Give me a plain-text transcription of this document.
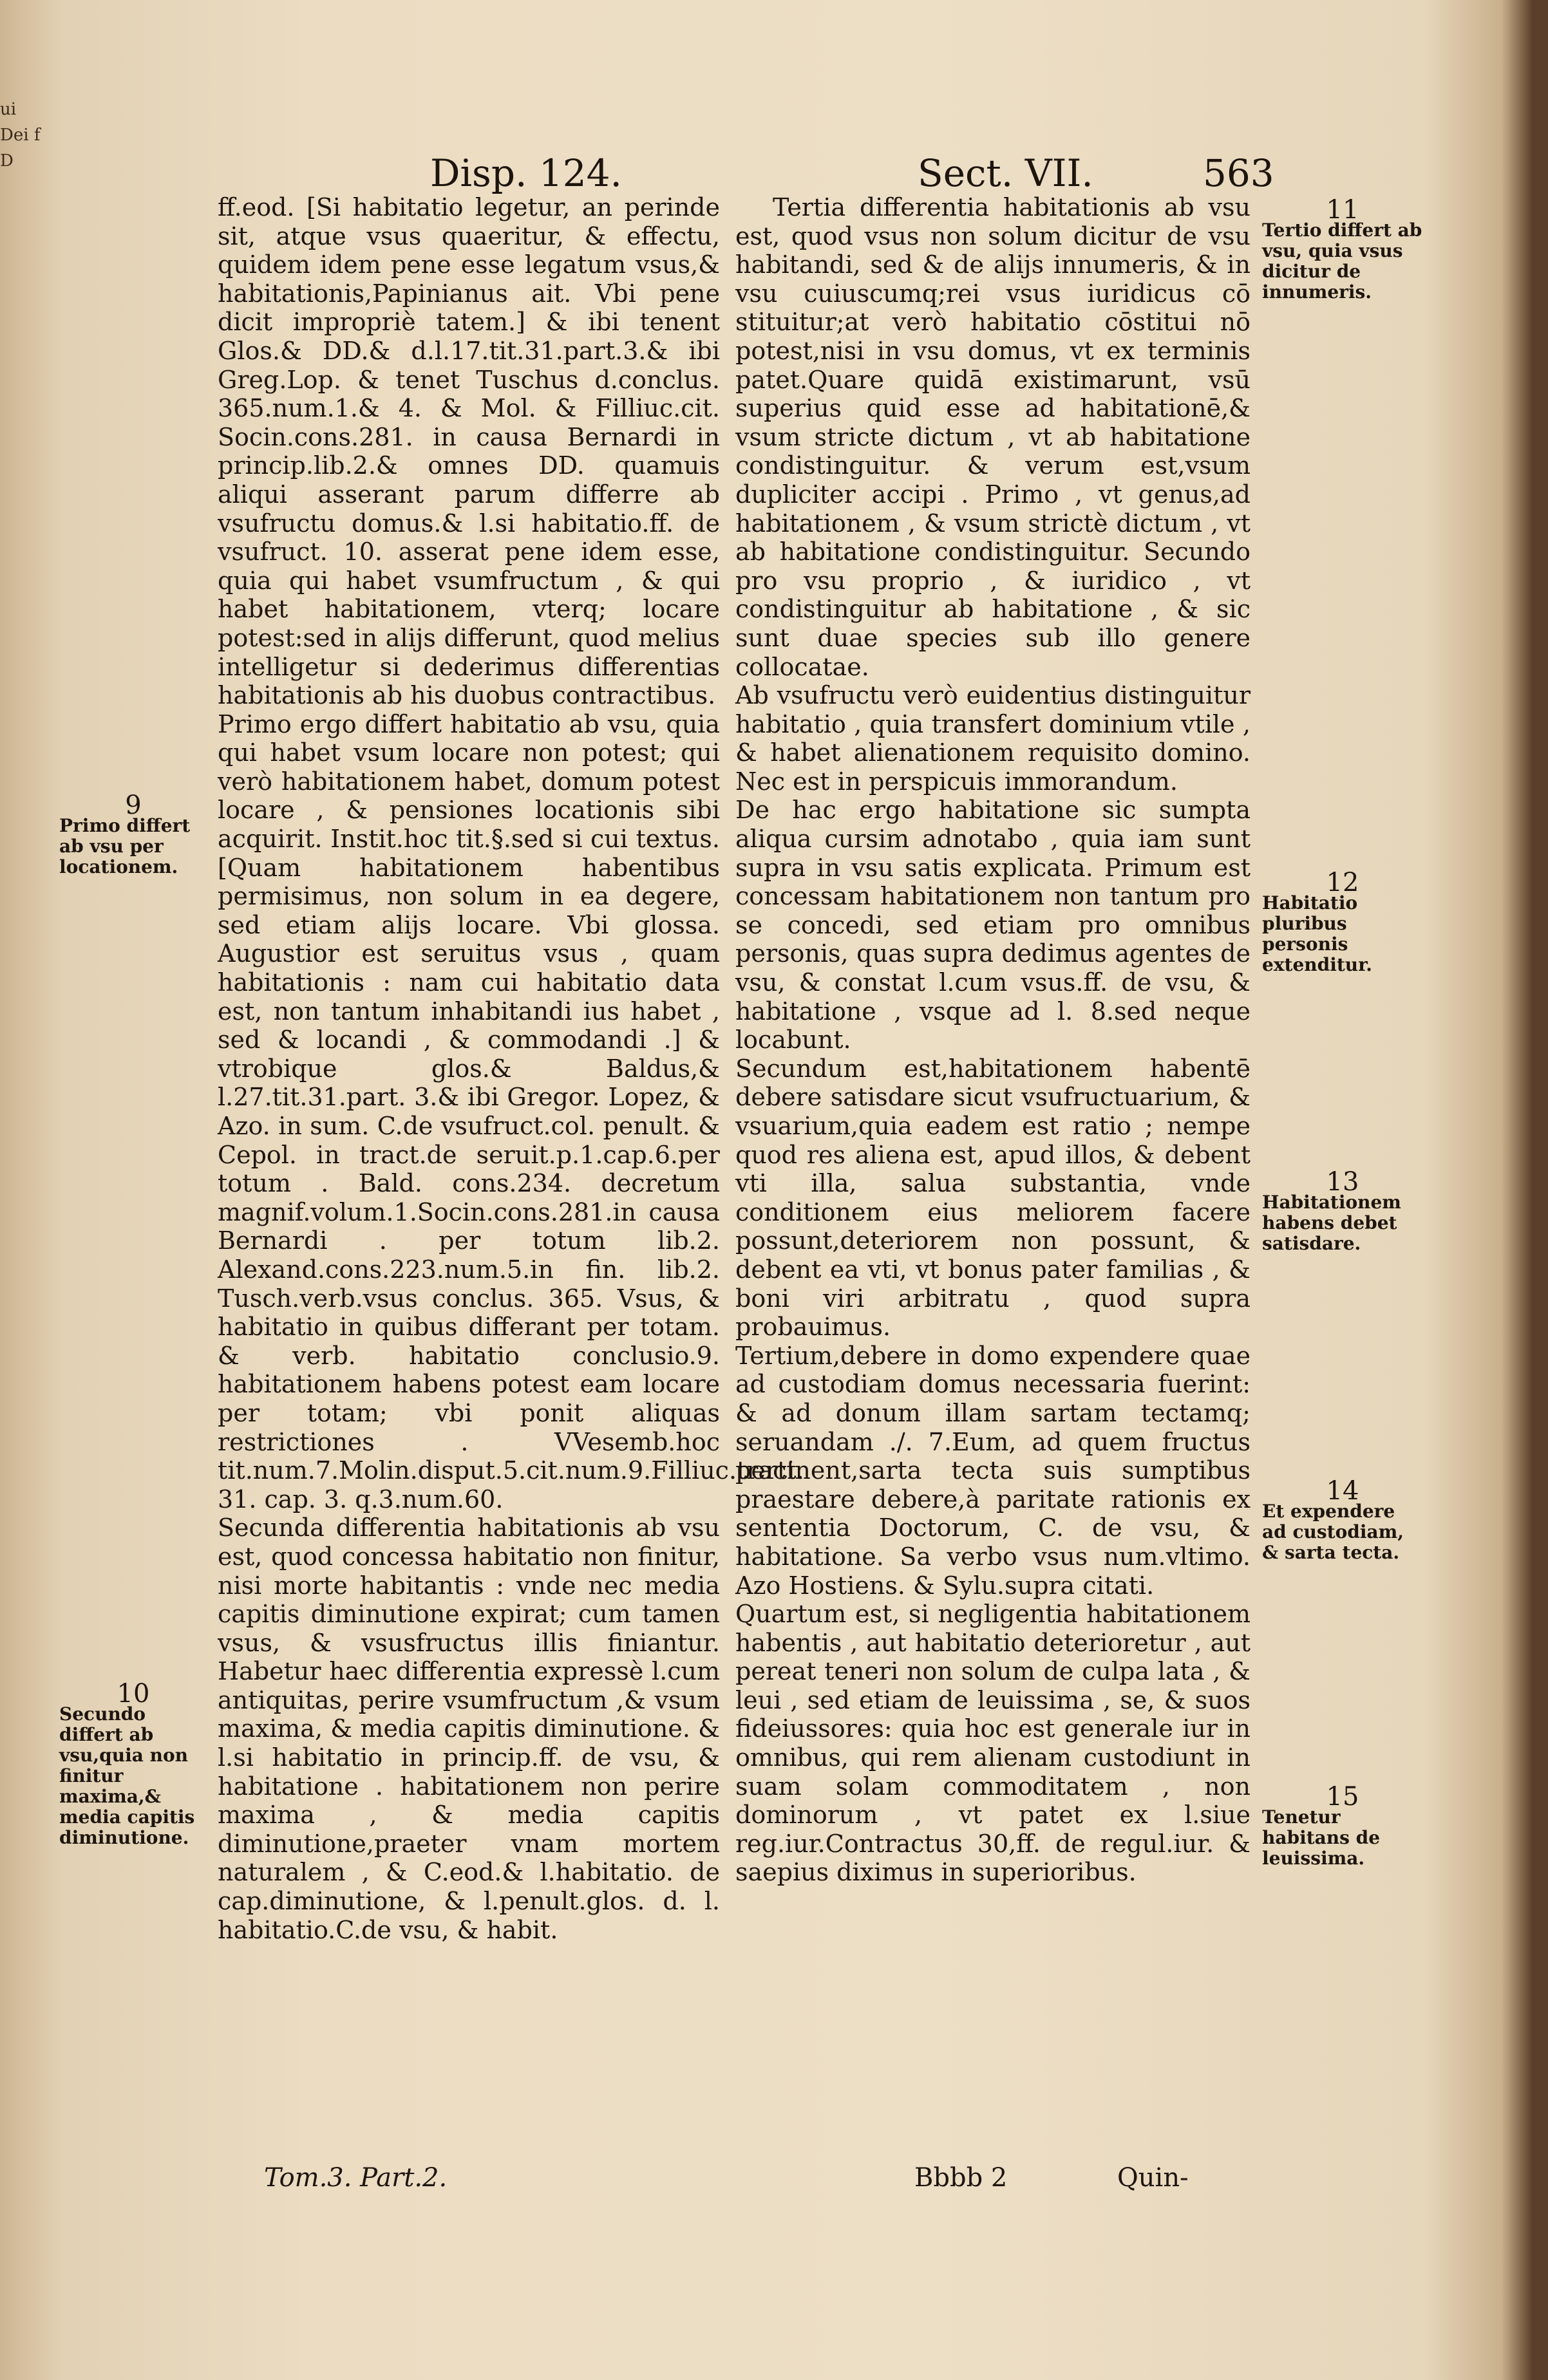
ui Dei f D	Disp. 124.	Sect. VII.	563
9
Primo differt ab vsu per locationem.
10
Secundo differt ab vsu,quia non finitur maxima,& media capitis diminutione.

ff.eod. [Si habitatio legetur, an perinde sit, atque vsus quaeritur, & effectu, quidem idem pene esse legatum vsus,& habitationis,Papinianus ait. Vbi pene dicit impropriè tatem.] & ibi tenent Glos.& DD.& d.l.17.tit.31.part.3.& ibi Greg.Lop. & tenet Tuschus d.conclus. 365.num.1.& 4. & Mol. & Filliuc.cit. Socin.cons.281. in causa Bernardi in princip.lib.2.& omnes DD. quamuis aliqui asserant parum differre ab vsufructu domus.& l.si habitatio.ff. de vsufruct. 10. asserat pene idem esse, quia qui habet vsumfructum , & qui habet habitationem, vterq; locare potest:sed in alijs differunt, quod melius intelligetur si dederimus differentias habitationis ab his duobus contractibus.

Primo ergo differt habitatio ab vsu, quia qui habet vsum locare non potest; qui verò habitationem habet, domum potest locare , & pensiones locationis sibi acquirit. Instit.hoc tit.§.sed si cui textus. [Quam habitationem habentibus permisimus, non solum in ea degere, sed etiam alijs locare. Vbi glossa. Augustior est seruitus vsus , quam habitationis : nam cui habitatio data est, non tantum inhabitandi ius habet , sed & locandi , & commodandi .] & vtrobique glos.& Baldus,& l.27.tit.31.part. 3.& ibi Gregor. Lopez, & Azo. in sum. C.de vsufruct.col. penult. & Cepol. in tract.de seruit.p.1.cap.6.per totum . Bald. cons.234. decretum magnif.volum.1.Socin.cons.281.in causa Bernardi . per totum lib.2. Alexand.cons.223.num.5.in fin. lib.2. Tusch.verb.vsus conclus. 365. Vsus, & habitatio in quibus differant per totam. & verb. habitatio conclusio.9. habitationem habens potest eam locare per totam; vbi ponit aliquas restrictiones . VVesemb.hoc tit.num.7.Molin.disput.5.cit.num.9.Filliuc.tract. 31. cap. 3. q.3.num.60.

Secunda differentia habitationis ab vsu est, quod concessa habitatio non finitur, nisi morte habitantis : vnde nec media capitis diminutione expirat; cum tamen vsus, & vsusfructus illis finiantur. Habetur haec differentia expressè l.cum antiquitas, perire vsumfructum ,& vsum maxima, & media capitis diminutione. & l.si habitatio in princip.ff. de vsu, & habitatione . habitationem non perire maxima , & media capitis diminutione,praeter vnam mortem naturalem , & C.eod.& l.habitatio. de cap.diminutione, & l.penult.glos. d. l. habitatio.C.de vsu, & habit.

Tertia differentia habitationis ab vsu est, quod vsus non solum dicitur de vsu habitandi, sed & de alijs innumeris, & in vsu cuiuscumq;rei vsus iuridicus cō stituitur;at verò habitatio cōstitui nō potest,nisi in vsu domus, vt ex terminis patet.Quare quidā existimarunt, vsū superius quid esse ad habitationē,& vsum stricte dictum , vt ab habitatione condistinguitur. & verum est,vsum dupliciter accipi . Primo , vt genus,ad habitationem , & vsum strictè dictum , vt ab habitatione condistinguitur. Secundo pro vsu proprio , & iuridico , vt condistinguitur ab habitatione , & sic sunt duae species sub illo genere collocatae.

Ab vsufructu verò euidentius distinguitur habitatio , quia transfert dominium vtile , & habet alienationem requisito domino. Nec est in perspicuis immorandum.

De hac ergo habitatione sic sumpta aliqua cursim adnotabo , quia iam sunt supra in vsu satis explicata. Primum est concessam habitationem non tantum pro se concedi, sed etiam pro omnibus personis, quas supra dedimus agentes de vsu, & constat l.cum vsus.ff. de vsu, & habitatione , vsque ad l. 8.sed neque locabunt.

Secundum est,habitationem habentē debere satisdare sicut vsufructuarium, & vsuarium,quia eadem est ratio ; nempe quod res aliena est, apud illos, & debent vti illa, salua substantia, vnde conditionem eius meliorem facere possunt,deteriorem non possunt, & debent ea vti, vt bonus pater familias , & boni viri arbitratu , quod supra probauimus.

Tertium,debere in domo expendere quae ad custodiam domus necessaria fuerint: & ad donum illam sartam tectamq; seruandam ./. 7.Eum, ad quem fructus pertinent,sarta tecta suis sumptibus praestare debere,à paritate rationis ex sententia Doctorum, C. de vsu, & habitatione. Sa verbo vsus num.vltimo. Azo Hostiens. & Sylu.supra citati.

Quartum est, si negligentia habitationem habentis , aut habitatio deterioretur , aut pereat teneri non solum de culpa lata , & leui , sed etiam de leuissima , se, & suos fideiussores: quia hoc est generale iur in omnibus, qui rem alienam custodiunt in suam solam commoditatem , non dominorum , vt patet ex l.siue reg.iur.Contractus 30,ff. de regul.iur. & saepius diximus in superioribus.

11
Tertio differt ab vsu, quia vsus dicitur de innumeris.
12
Habitatio pluribus personis extenditur.
13
Habitationem habens debet satisdare.
14
Et expendere ad custodiam, & sarta tecta.
15
Tenetur habitans de leuissima.
Tom.3. Part.2.	Bbbb 2	Quin-
